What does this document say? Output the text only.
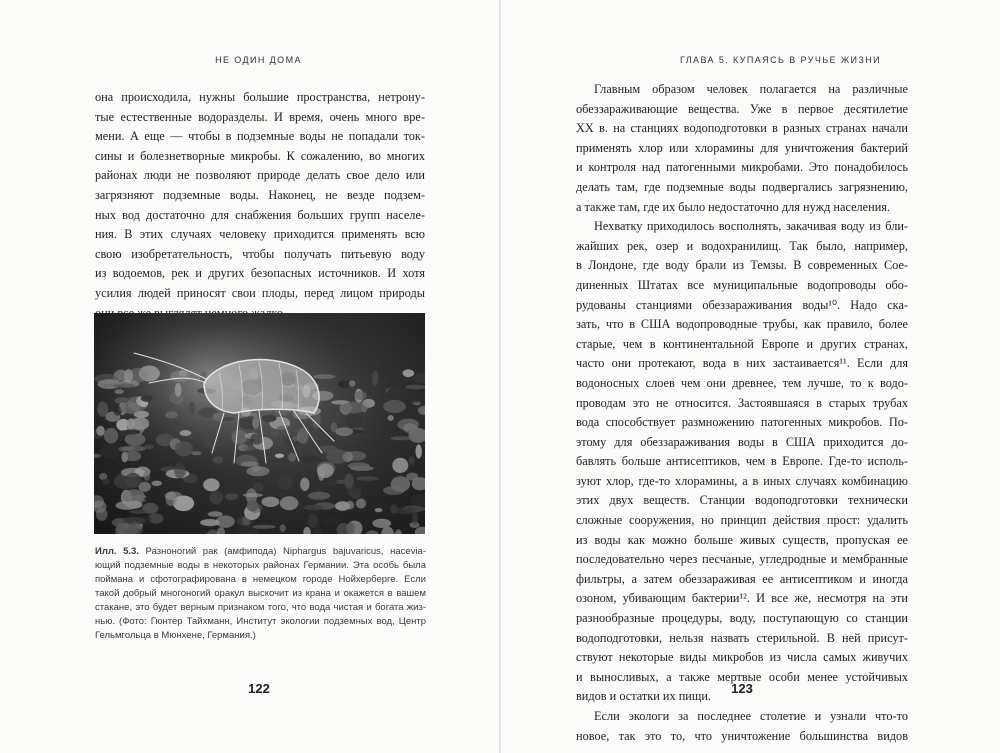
НЕ ОДИН ДОМА
она происходила, нужны большие пространства, нетрону-
тые естественные водоразделы. И время, очень много вре-
мени. А еще — чтобы в подземные воды не попадали ток-
сины и болезнетворные микробы. К сожалению, во многих
районах люди не позволяют природе делать свое дело или
загрязняют подземные воды. Наконец, не везде подзем-
ных вод достаточно для снабжения больших групп населе-
ния. В этих случаях человеку приходится применять всю
свою изобретательность, чтобы получать питьевую воду
из водоемов, рек и других безопасных источников. И хотя
усилия людей приносят свои плоды, перед лицом природы
Илл. 5.3. Разноногий рак (амфипода) Niphargus bajuvaricus, насеvia-
ющий подземные воды в некоторых районах Германии. Эта особь была
поймана и сфотографирована в немецком городе Нойхерберге. Если
такой добрый многоногий оракул выскочит из крана и окажется в вашем
стакане, это будет верным признаком того, что вода чистая и богата жиз-
нью. (Фото: Гюнтер Тайхманн, Институт экологии подземных вод, Центр
Гельмгольца в Мюнхене, Германия.)
122
ГЛАВА 5. КУПАЯСЬ В РУЧЬЕ ЖИЗНИ
Главным образом человек полагается на различные
обеззараживающие вещества. Уже в первое десятилетие
XX в. на станциях водоподготовки в разных странах начали
применять хлор или хлорамины для уничтожения бактерий
и контроля над патогенными микробами. Это понадобилось
делать там, где подземные воды подвергались загрязнению,
а также там, где их было недостаточно для нужд населения.
Нехватку приходилось восполнять, закачивая воду из бли-
жайших рек, озер и водохранилищ. Так было, например,
в Лондоне, где воду брали из Темзы. В современных Сое-
диненных Штатах все муниципальные водопроводы обо-
рудованы станциями обеззараживания воды¹⁰. Надо ска-
зать, что в США водопроводные трубы, как правило, более
старые, чем в континентальной Европе и других странах,
часто они протекают, вода в них застаивается¹¹. Если для
водоносных слоев чем они древнее, тем лучше, то к водо-
проводам это не относится. Застоявшаяся в старых трубах
вода способствует размножению патогенных микробов. По-
этому для обеззараживания воды в США приходится до-
бавлять больше антисептиков, чем в Европе. Где-то исполь-
зуют хлор, где-то хлорамины, а в иных случаях комбинацию
этих двух веществ. Станции водоподготовки технически
сложные сооружения, но принцип действия прост: удалить
из воды как можно больше живых существ, пропуская ее
последовательно через песчаные, угледродные и мембранные
фильтры, а затем обеззараживая ее антисептиком и иногда
озоном, убивающим бактерии¹². И все же, несмотря на эти
разнообразные процедуры, воду, поступающую со станции
водоподготовки, нельзя назвать стерильной. В ней присут-
ствуют некоторые виды микробов из числа самых живучих
и выносливых, а также мертвые особи менее устойчивых
видов и остатки их пищи.
Если экологи за последнее столетие и узнали что-то
новое, так это то, что уничтожение большинства видов
123
